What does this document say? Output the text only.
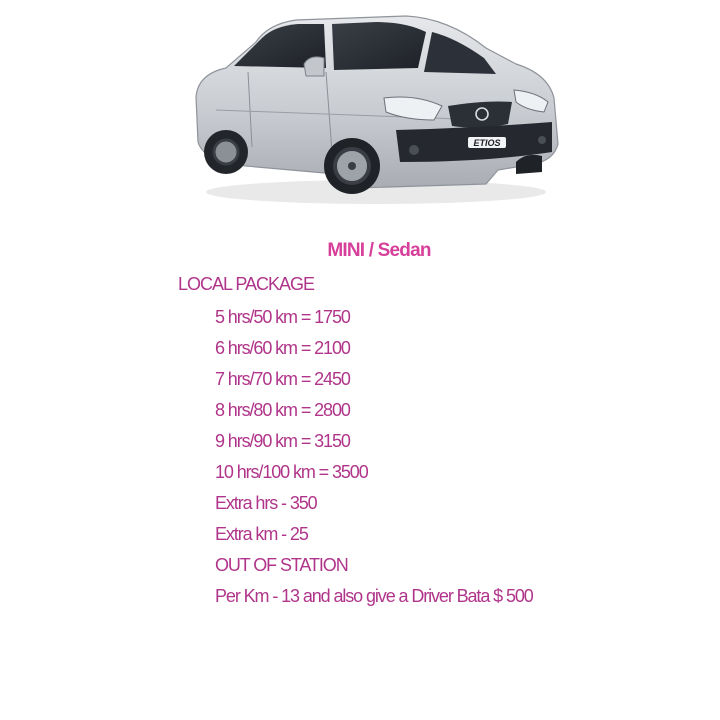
ETIOS
MINI / Sedan
LOCAL PACKAGE
5 hrs/50 km = 1750
6 hrs/60 km = 2100
7 hrs/70 km = 2450
8 hrs/80 km = 2800
9 hrs/90 km = 3150
10 hrs/100 km = 3500
Extra hrs - 350
Extra km - 25
OUT OF STATION
Per Km - 13 and also give a Driver Bata $ 500
